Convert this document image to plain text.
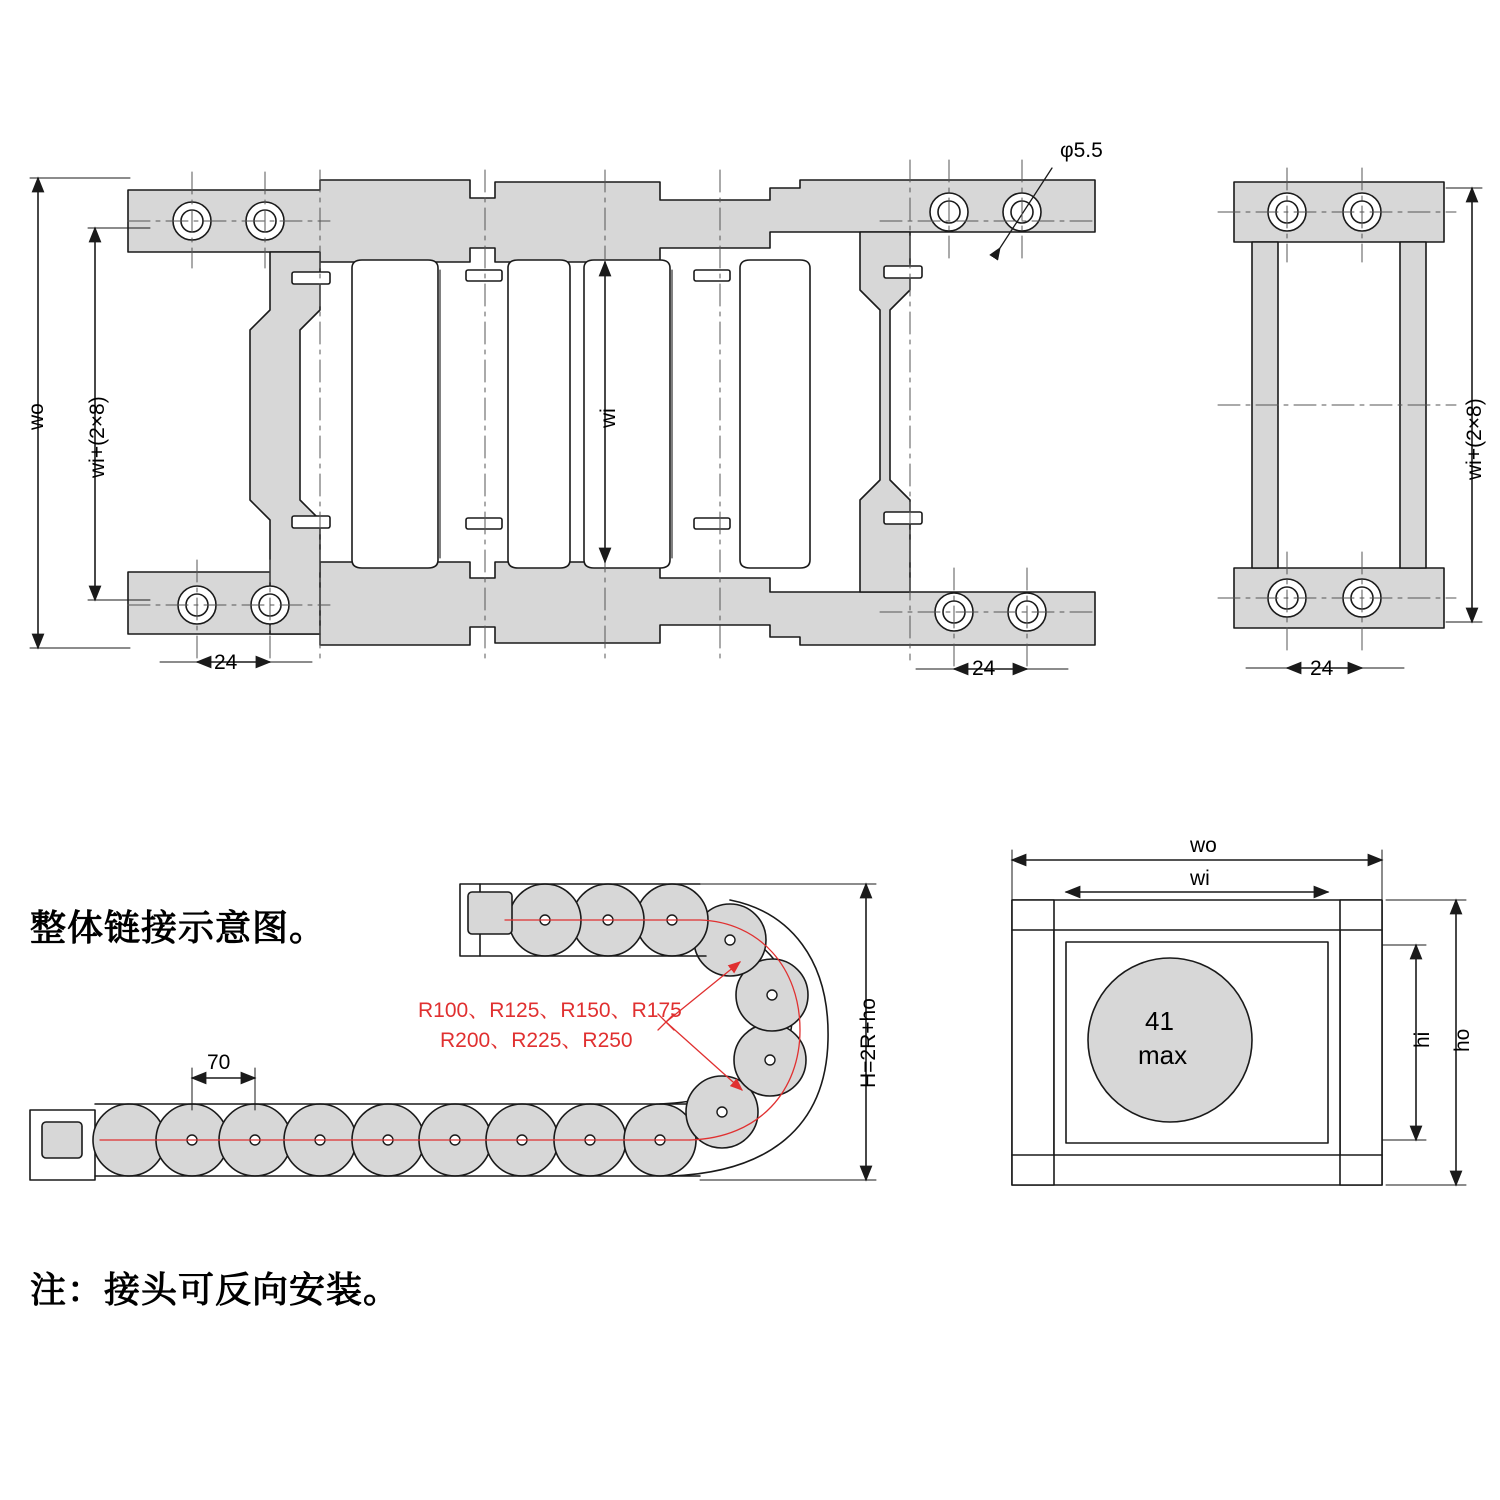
φ5.5
wo wi+(2×8)	wi
24	24
wi+(2×8)
24
70	H=2R+ho
R100、R125、R150、R175
R200、R225、R250
wo
wi
hi ho
41
max
整体链接示意图。
注：接头可反向安装。
